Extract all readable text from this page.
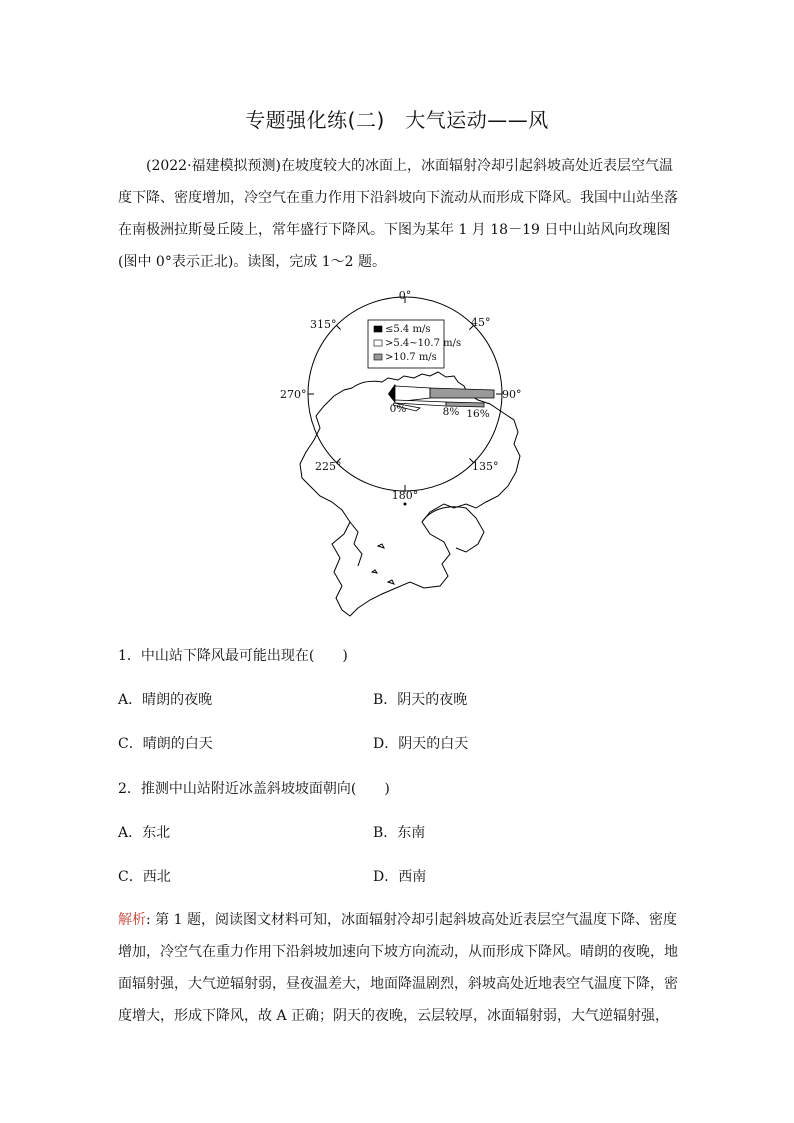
专题强化练(二)　大气运动——风
(2022·福建模拟预测)在坡度较大的冰面上，冰面辐射冷却引起斜坡高处近表层空气温度下降、密度增加，冷空气在重力作用下沿斜坡向下流动从而形成下降风。我国中山站坐落在南极洲拉斯曼丘陵上，常年盛行下降风。下图为某年 1 月 18－19 日中山站风向玫瑰图(图中 0°表示正北)。读图，完成 1～2 题。
0°
45°
90°
135°
180°
225°
270°
315°
0%	8% 16%
≤5.4 m/s
>5.4~10.7 m/s
>10.7 m/s
1．中山站下降风最可能出现在(　　)
A．晴朗的夜晚	B．阴天的夜晚
C．晴朗的白天	D．阴天的白天
2．推测中山站附近冰盖斜坡坡面朝向(　　)
A．东北	B．东南
C．西北	D．西南
解析: 第 1 题，阅读图文材料可知，冰面辐射冷却引起斜坡高处近表层空气温度下降、密度增加，冷空气在重力作用下沿斜坡加速向下坡方向流动，从而形成下降风。晴朗的夜晚，地面辐射强，大气逆辐射弱，昼夜温差大，地面降温剧烈，斜坡高处近地表空气温度下降，密度增大，形成下降风，故 A 正确；阴天的夜晚，云层较厚，冰面辐射弱，大气逆辐射强，
